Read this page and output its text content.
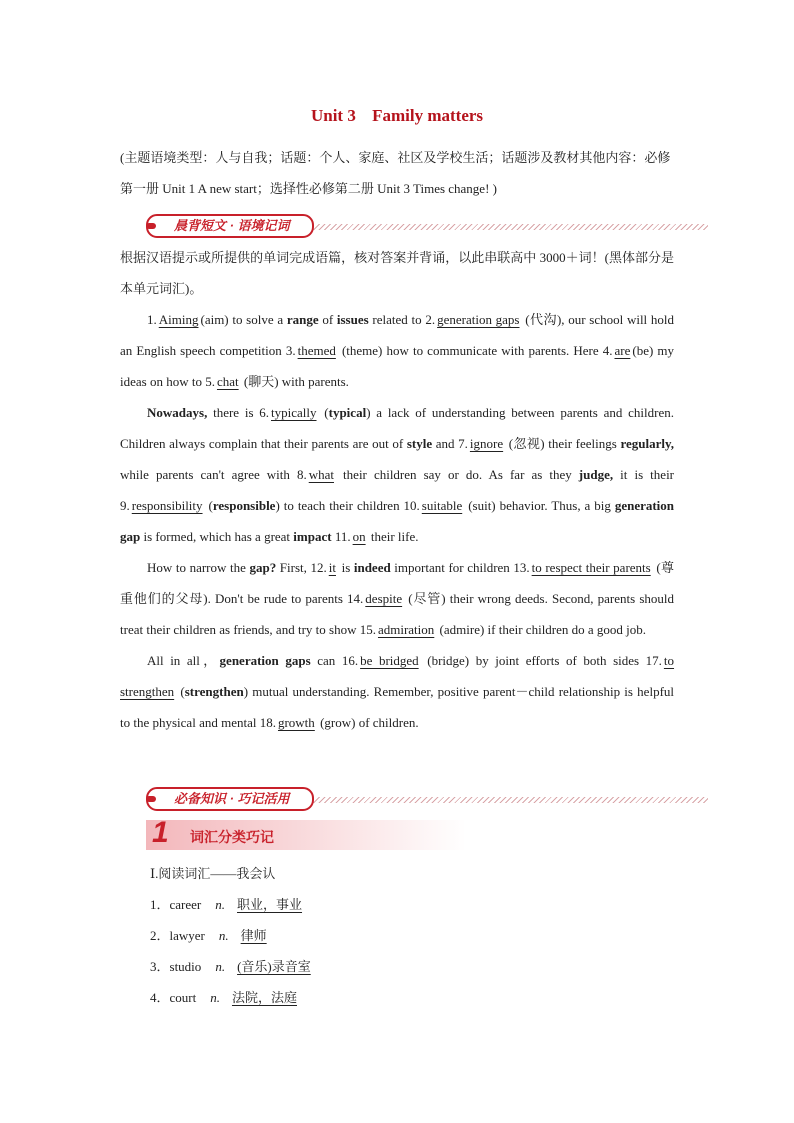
Unit 3 Family matters
(主题语境类型：人与自我；话题：个人、家庭、社区及学校生活；话题涉及教材其他内容：必修第一册 Unit 1 A new start；选择性必修第二册 Unit 3 Times change! )
晨背短文 · 语境记词

根据汉语提示或所提供的单词完成语篇，核对答案并背诵，以此串联高中 3000＋词！(黑体部分是本单元词汇)。

1. Aiming (aim) to solve a range of issues related to 2. generation gaps (代沟), our school will hold an English speech competition 3. themed (theme) how to communicate with parents. Here 4. are (be) my ideas on how to 5. chat (聊天) with parents.

Nowadays, there is 6. typically (typical) a lack of understanding between parents and children. Children always complain that their parents are out of style and 7. ignore (忽视) their feelings regularly, while parents can't agree with 8. what their children say or do. As far as they judge, it is their 9. responsibility (responsible) to teach their children 10. suitable (suit) behavior. Thus, a big generation gap is formed, which has a great impact 11. on their life.

How to narrow the gap? First, 12. it is indeed important for children 13. to respect their parents (尊重他们的父母). Don't be rude to parents 14. despite (尽管) their wrong deeds. Second, parents should treat their children as friends, and try to show 15. admiration (admire) if their children do a good job.

All in all，generation gaps can 16. be bridged (bridge) by joint efforts of both sides 17. to strengthen (strengthen) mutual understanding. Remember, positive parent－child relationship is helpful to the physical and mental 18. growth (grow) of children.

必备知识 · 巧记活用
1 词汇分类巧记
Ⅰ.阅读词汇——我会认
1．career n. 职业，事业
2．lawyer n. 律师
3．studio n. (音乐)录音室
4．court n. 法院，法庭
